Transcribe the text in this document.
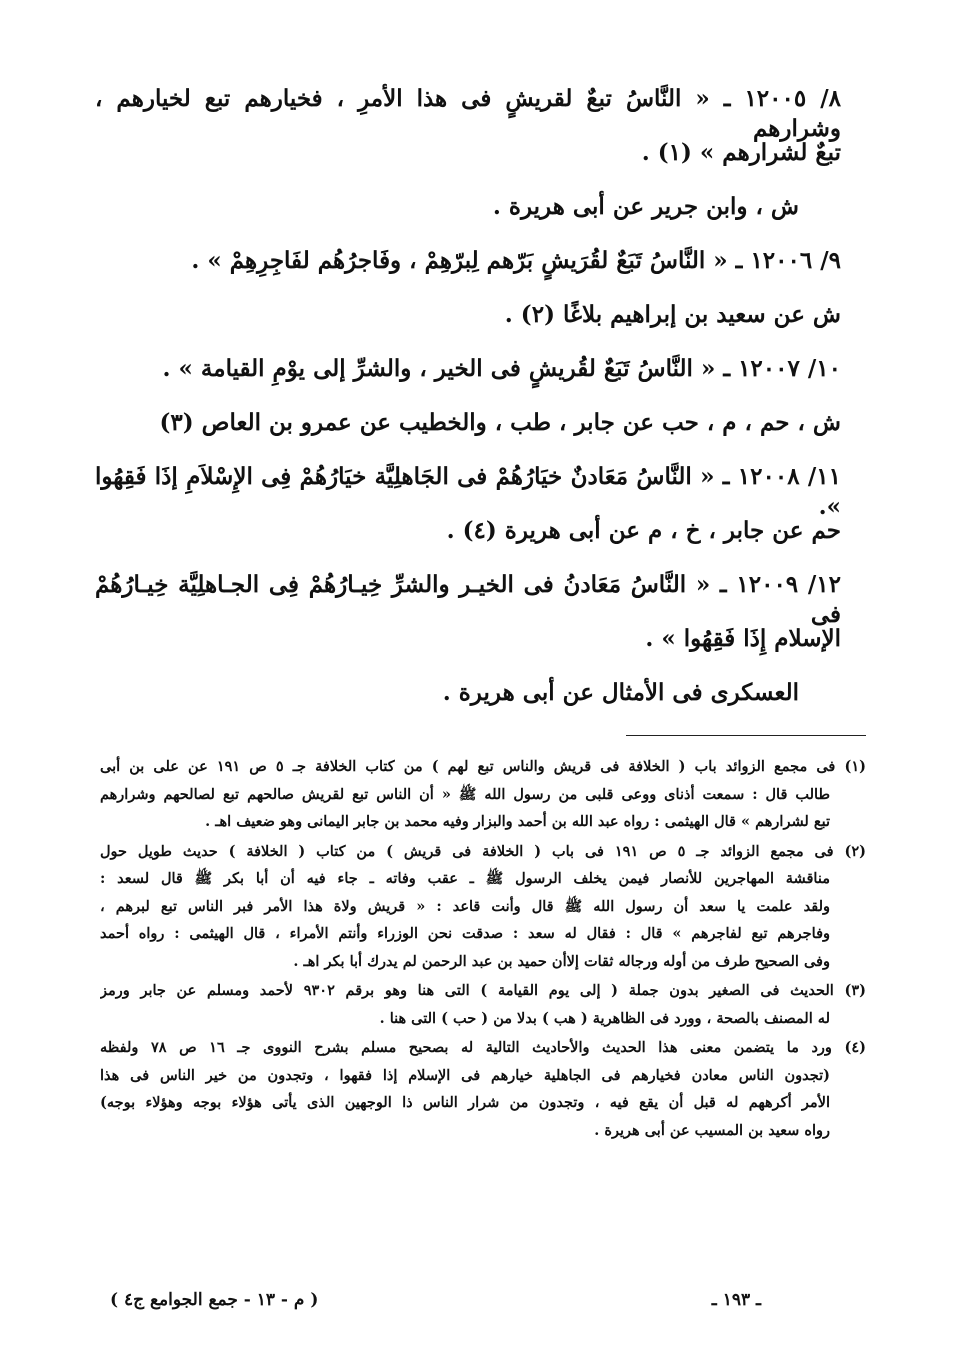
٨/ ١٢٠٠٥ ـ « النَّاسُ تبعٌ لقريشٍ فى هذا الأمرِ ، فخيارهم تبع لخيارهم ، وشرارهم
تبعٌ لشرارهم » (١) .
ش ، وابن جرير عن أبى هريرة .
٩/ ١٢٠٠٦ ـ « النَّاسُ تَبَعٌ لقُرَيشٍ بَرّهم لِبرّهِمْ ، وفَاجرُهُم لفَاجِرِهِمْ » .
ش عن سعيد بن إبراهيم بلاغًا (٢) .
١٠/ ١٢٠٠٧ ـ « النَّاسُ تَبَعٌ لقُريشٍ فى الخير ، والشرِّ إلى يوْمِ القيامة » .
ش ، حم ، م ، حب عن جابر ، طب ، والخطيب عن عمرو بن العاص (٣)
١١/ ١٢٠٠٨ ـ « النَّاسُ مَعَادنٌ خيَارُهُمْ فى الجَاهلِيَّة خيَارُهُمْ فِى الإِسْلاَمِ إذَا فَقِهُوا ».
حم عن جابر ، خ ، م عن أبى هريرة (٤) .
١٢/ ١٢٠٠٩ ـ « النَّاسُ مَعَادنُ فى الخيـر والشرِّ خِيـارُهُمْ فِى الجـاهلِيَّة خِيـارُهُمْ فى
الإسلام إِذَا فَقِهُوا » .
العسكرى فى الأمثال عن أبى هريرة .
(١) فى مجمع الزوائد باب ( الخلافة فى قريش والناس تبع لهم ) من كتاب الخلافة جـ ٥ ص ١٩١ عن على بن أبى
طالب قال : سمعت أذناى ووعى قلبى من رسول الله ﷺ « أن الناس تبع لقريش صالحهم تبع لصالحهم وشرارهم
تبع لشرارهم » قال الهيثمى : رواه عبد الله بن أحمد والبزار وفيه محمد بن جابر اليمانى وهو ضعيف اهـ .
(٢) فى مجمع الزوائد جـ ٥ ص ١٩١ فى باب ( الخلافة فى قريش ) من كتاب ( الخلافة ) حديث طويل حول
مناقشة المهاجرين للأنصار فيمن يخلف الرسول ﷺ ـ عقب وفاته ـ جاء فيه أن أبا بكر ﷺ قال لسعد :
ولقد علمت يا سعد أن رسول الله ﷺ قال وأنت قاعد : « قريش ولاة هذا الأمر فبر الناس تبع لبرهم ،
وفاجرهم تبع لفاجرهم » قال : فقال له سعد : صدقت نحن الوزراء وأنتم الأمراء ، قال الهيثمى : رواه أحمد
وفى الصحيح طرف من أوله ورجاله ثقات إلاأن حميد بن عبد الرحمن لم يدرك أبا بكر اهـ .
(٣) الحديث فى الصغير بدون جملة ( إلى يوم القيامة ) التى هنا وهو برقم ٩٣٠٢ لأحمد ومسلم عن جابر ورمز
له المصنف بالصحة ، وورد فى الظاهرية ( هب ) بدلا من ( حب ) التى هنا .
(٤) ورد ما يتضمن معنى هذا الحديث والأحاديث التالية له بصحيح مسلم بشرح النووى جـ ١٦ ص ٧٨ ولفظه
(تجدون الناس معادن فخيارهم فى الجاهلية خيارهم فى الإسلام إذا فقهوا ، وتجدون من خير الناس فى هذا
الأمر أكرههم له قبل أن يقع فيه ، وتجدون من شرار الناس ذا الوجهين الذى يأتى هؤلاء بوجه وهؤلاء بوجه)
رواه سعيد بن المسيب عن أبى هريرة .
ـ ١٩٣ ـ
( م - ١٣ - جمع الجوامع ج٤ )
